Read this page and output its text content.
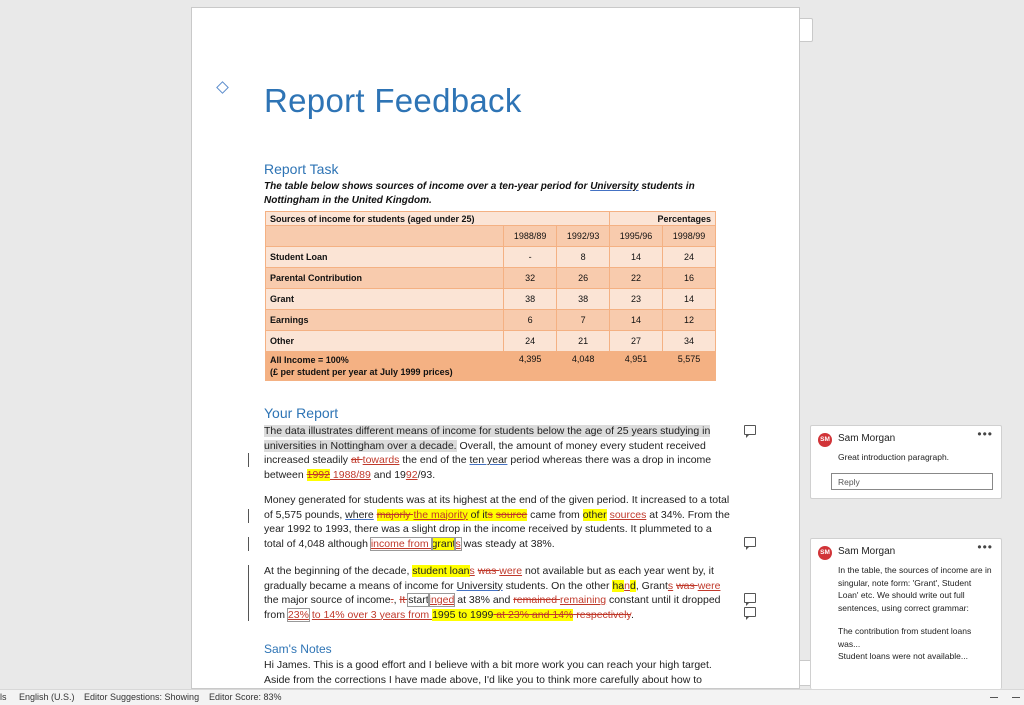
Report Feedback
Report Task

The table below shows sources of income over a ten-year period for University students in Nottingham in the United Kingdom.

Sources of income for students (aged under 25)			Percentages	
	1988/89	1992/93	1995/96	1998/99
Student Loan	-	8	14	24
Parental Contribution	32	26	22	16
Grant	38	38	23	14
Earnings	6	7	14	12
Other	24	21	27	34
All Income = 100%
(£ per student per year at July 1999 prices)	4,395	4,048	4,951	5,575
Your Report

The data illustrates different means of income for students below the age of 25 years studying in universities in Nottingham over a decade. Overall, the amount of money every student received increased steadily at towards the end of the ten year period whereas there was a drop in income between 1992 1988/89 and 1992/93.

Money generated for students was at its highest at the end of the given period. It increased to a total of 5,575 pounds, where majorly the majority of its source came from other sources at 34%. From the year 1992 to 1993, there was a slight drop in the income received by students. It plummeted to a total of 4,048 although income from grants was steady at 38%.

At the beginning of the decade, student loans was were not available but as each year went by, it gradually became a means of income for University students. On the other hand, Grants was were the major source of income., It startinged at 38% and remained remaining constant until it dropped from 23% to 14% over 3 years from 1995 to 1999 at 23% and 14% respectively.

Sam's Notes

Hi James. This is a good effort and I believe with a bit more work you can reach your high target. Aside from the corrections I have made above, I'd like you to think more carefully about how to

SM Sam Morgan	•••
Great introduction paragraph.
Reply
SM Sam Morgan	•••
In the table, the sources of income are in singular, note form: 'Grant', Student Loan' etc. We should write out full sentences, using correct grammar:
The contribution from student loans was...
Student loans were not available...
ls English (U.S.) Editor Suggestions: Showing Editor Score: 83%
